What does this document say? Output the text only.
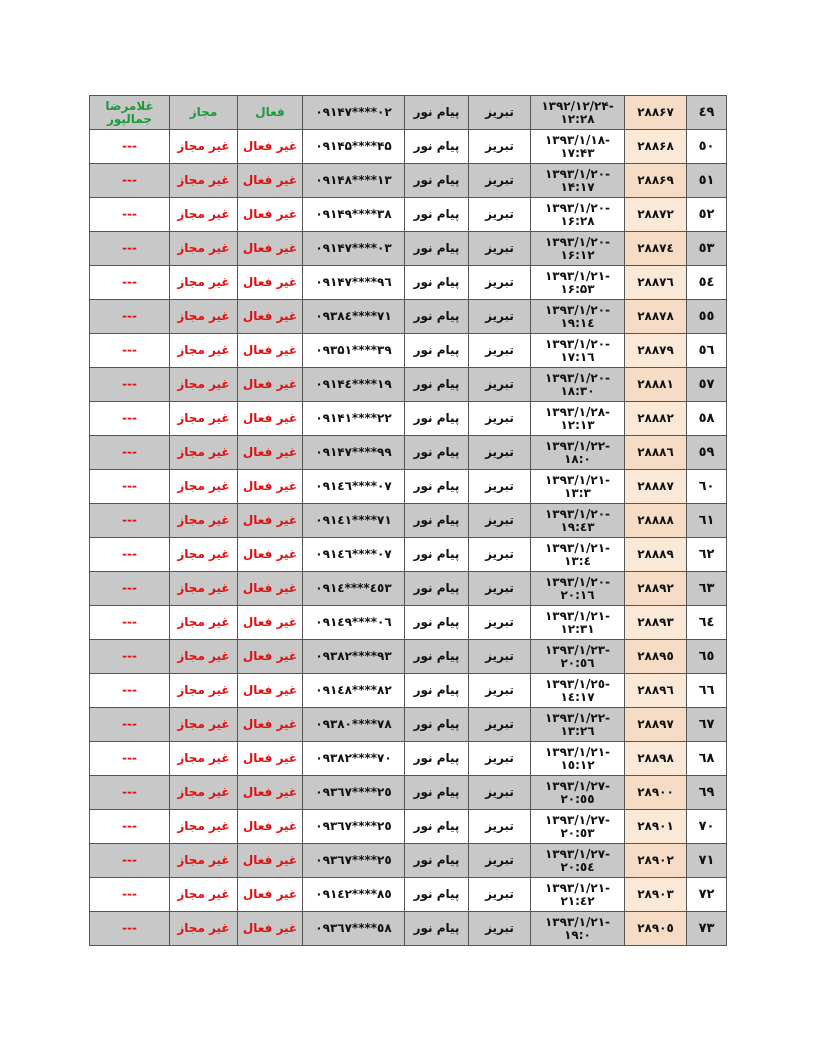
غلامرضا جمالپور	مجاز	فعال	۰۹۱۴۷****۰۲	پیام نور	تبریز	۱۳۹۲/۱۲/۲۴-
۱۲:۲۸	۲۸۸۶۷	٤٩
---	غیر مجاز	غیر فعال	۰۹۱۴۵****۴۵	پیام نور	تبریز	۱۳۹۳/۱/۱۸-
۱۷:۴۳	۲۸۸۶۸	٥٠
---	غیر مجاز	غیر فعال	۰۹۱۴۸****۱۳	پیام نور	تبریز	۱۳۹۳/۱/۲۰-
۱۴:۱۷	۲۸۸۶۹	٥١
---	غیر مجاز	غیر فعال	۰۹۱۴۹****۳۸	پیام نور	تبریز	۱۳۹۳/۱/۲۰-
۱۶:۲۸	۲۸۸۷۲	٥٢
---	غیر مجاز	غیر فعال	۰۹۱۴۷****۰۳	پیام نور	تبریز	۱۳۹۳/۱/۲۰-
۱۶:۱۲	۲۸۸۷٤	٥٣
---	غیر مجاز	غیر فعال	۰۹۱۴۷****۹٦	پیام نور	تبریز	۱۳۹۳/۱/۲۱-
۱۶:۵۳	۲۸۸۷٦	٥٤
---	غیر مجاز	غیر فعال	۰۹۳۸٤****۷۱	پیام نور	تبریز	۱۳۹۳/۱/۲۰-
۱۹:۱٤	۲۸۸۷۸	٥٥
---	غیر مجاز	غیر فعال	۰۹۳۵۱****۳۹	پیام نور	تبریز	۱۳۹۳/۱/۲۰-
۱۷:۱٦	۲۸۸۷۹	٥٦
---	غیر مجاز	غیر فعال	۰۹۱۴٤****۱۹	پیام نور	تبریز	۱۳۹۳/۱/۲۰-
۱۸:۳۰	۲۸۸۸۱	٥٧
---	غیر مجاز	غیر فعال	۰۹۱۴۱****۲۲	پیام نور	تبریز	۱۳۹۳/۱/۲۸-
۱۲:۱۳	۲۸۸۸۲	٥٨
---	غیر مجاز	غیر فعال	۰۹۱۴۷****۹۹	پیام نور	تبریز	۱۳۹۳/۱/۲۲-
۱۸:۰	۲۸۸۸٦	٥٩
---	غیر مجاز	غیر فعال	۰۹۱٤٦****۰۷	پیام نور	تبریز	۱۳۹۳/۱/۲۱-
۱۳:۳	۲۸۸۸۷	٦٠
---	غیر مجاز	غیر فعال	۰۹۱٤۱****۷۱	پیام نور	تبریز	۱۳۹۳/۱/۲۰-
۱۹:٤۳	۲۸۸۸۸	٦١
---	غیر مجاز	غیر فعال	۰۹۱٤٦****۰۷	پیام نور	تبریز	۱۳۹۳/۱/۲۱-
۱۳:٤	۲۸۸۸۹	٦٢
---	غیر مجاز	غیر فعال	۰۹۱٤٥****٤۳	پیام نور	تبریز	۱۳۹۳/۱/۲۰-
۲۰:۱٦	۲۸۸۹۲	٦٣
---	غیر مجاز	غیر فعال	۰۹۱٤۹****۰٦	پیام نور	تبریز	۱۳۹۳/۱/۲۱-
۱۲:۳۱	۲۸۸۹۳	٦٤
---	غیر مجاز	غیر فعال	۰۹۳۸۲****۹۳	پیام نور	تبریز	۱۳۹۳/۱/۲۳-
۲۰:٥٦	۲۸۸۹٥	٦٥
---	غیر مجاز	غیر فعال	۰۹۱٤۸****۸۲	پیام نور	تبریز	۱۳۹۳/۱/۲٥-
۱٤:۱۷	۲۸۸۹٦	٦٦
---	غیر مجاز	غیر فعال	۰۹۳۸۰****۷۸	پیام نور	تبریز	۱۳۹۳/۱/۲۲-
۱۳:۲٦	۲۸۸۹۷	٦٧
---	غیر مجاز	غیر فعال	۰۹۳۸۲****۷۰	پیام نور	تبریز	۱۳۹۳/۱/۲۱-
۱٥:۱۲	۲۸۸۹۸	٦٨
---	غیر مجاز	غیر فعال	۰۹۳٦۷****۲٥	پیام نور	تبریز	۱۳۹۳/۱/۲۷-
۲۰:٥٥	۲۸۹۰۰	٦٩
---	غیر مجاز	غیر فعال	۰۹۳٦۷****۲٥	پیام نور	تبریز	۱۳۹۳/۱/۲۷-
۲۰:٥۳	۲۸۹۰۱	۷۰
---	غیر مجاز	غیر فعال	۰۹۳٦۷****۲٥	پیام نور	تبریز	۱۳۹۳/۱/۲۷-
۲۰:٥٤	۲۸۹۰۲	۷۱
---	غیر مجاز	غیر فعال	۰۹۱٤۲****۸٥	پیام نور	تبریز	۱۳۹۳/۱/۲۱-
۲۱:٤۲	۲۸۹۰۳	۷۲
---	غیر مجاز	غیر فعال	۰۹۳٦۷****٥۸	پیام نور	تبریز	۱۳۹۳/۱/۲۱-
۱۹:۰	۲۸۹۰٥	۷۳
